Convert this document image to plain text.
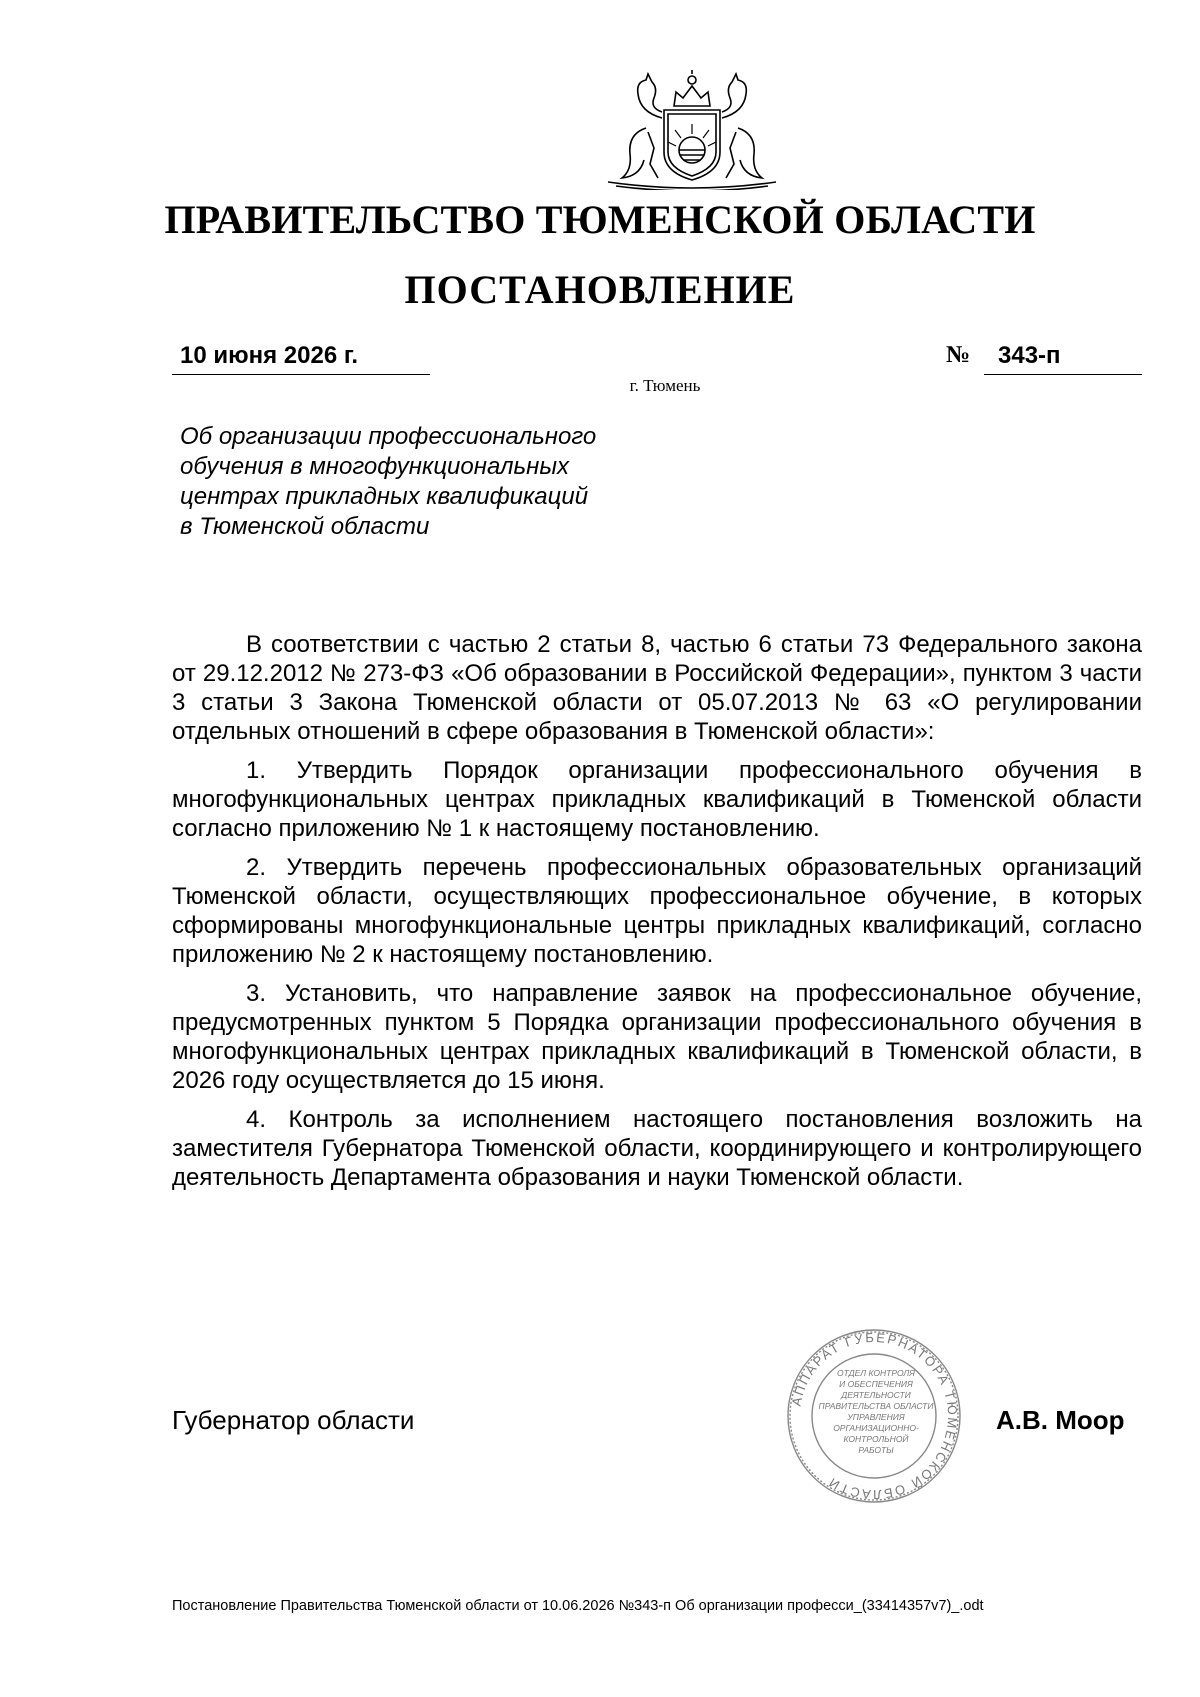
ПРАВИТЕЛЬСТВО ТЮМЕНСКОЙ ОБЛАСТИ
ПОСТАНОВЛЕНИЕ
10 июня 2026 г.	№ 343-п
г. Тюмень
Об организации профессионального
обучения в многофункциональных
центрах прикладных квалификаций
в Тюменской области

В соответствии с частью 2 статьи 8, частью 6 статьи 73 Федерального закона от 29.12.2012 № 273-ФЗ «Об образовании в Российской Федерации», пунктом 3 части 3 статьи 3 Закона Тюменской области от 05.07.2013 № 63 «О регулировании отдельных отношений в сфере образования в Тюменской области»:

1. Утвердить Порядок организации профессионального обучения в многофункциональных центрах прикладных квалификаций в Тюменской области согласно приложению № 1 к настоящему постановлению.

2. Утвердить перечень профессиональных образовательных организаций Тюменской области, осуществляющих профессиональное обучение, в которых сформированы многофункциональные центры прикладных квалификаций, согласно приложению № 2 к настоящему постановлению.

3. Установить, что направление заявок на профессиональное обучение, предусмотренных пунктом 5 Порядка организации профессионального обучения в многофункциональных центрах прикладных квалификаций в Тюменской области, в 2026 году осуществляется до 15 июня.

4. Контроль за исполнением настоящего постановления возложить на заместителя Губернатора Тюменской области, координирующего и контролирующего деятельность Департамента образования и науки Тюменской области.

Губернатор области
АППАРАТ ГУБЕРНАТОРА ТЮМЕНСКОЙ ОБЛАСТИ
ОТДЕЛ КОНТРОЛЯ
И ОБЕСПЕЧЕНИЯ
ДЕЯТЕЛЬНОСТИ
ПРАВИТЕЛЬСТВА ОБЛАСТИ
УПРАВЛЕНИЯ
ОРГАНИЗАЦИОННО-
КОНТРОЛЬНОЙ
РАБОТЫ
А.В. Моор
Постановление Правительства Тюменской области от 10.06.2026 №343-п Об организации професси_(33414357v7)_.odt
